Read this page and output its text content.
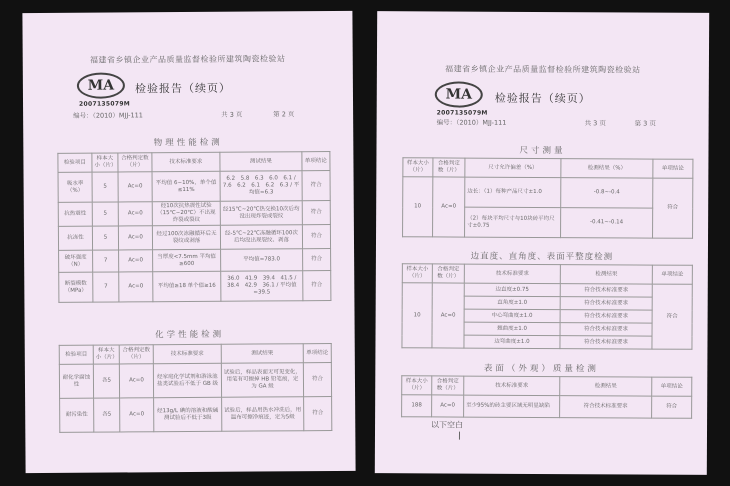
福建省乡镇企业产品质量监督检验所建筑陶瓷检验站
MA
2007135079M
检验报告（续页）
编号：（2010）MJJ-111	共 3 页	第 2 页
物理性能检测
检验项目	样本大小（片）	合格判定数（片）	技术标准要求	测试结果	单项结论
吸水率（%）	5	Ac=0	平均值 6~10%，单个值≤11%	6.2　5.8　6.3　6.0　6.1 / 7.6　6.2　6.1　6.2　6.3 / 平均值=6.3	符合
抗热震性	5	Ac=0	经10次抗热震性试验（15℃~20℃）不出现炸裂或裂纹	经15℃~20℃热交换10次后均没出现炸裂或裂纹	符合
抗冻性	5	Ac=0	经过100次冻融循环后无裂纹或剥落	经-5℃~22℃冻融循环100次后均没出现裂纹、剥落	符合
破坏强度（N）	7	Ac=0	当厚度<7.5mm 平均值≥600	平均值=783.0	符合
断裂模数（MPa）	7	Ac=0	平均值≥18 单个值≥16	36.0　41.9　39.4　41.5 / 38.4　42.9　36.1 / 平均值=39.5	符合
化学性能检测
检验项目	样本大小（片）	合格判定数（片）	技术标准要求	测试结果	单项结论
耐化学腐蚀性	各5	Ac=0	经家庭化学试剂和游泳池盐类试验后不低于 GB 级	试验后，样品表面无可见变化，用笔有可擦掉 HB 铅笔痕，定为 GA 级	符合
耐污染性	各5	Ac=0	经13g/L 碘的溶液和酸碱测试验后不低于3级	试验后，样品用热水冲洗后，用温布可擦净痕迹，定为5级	符合
福建省乡镇企业产品质量监督检验所建筑陶瓷检验站
MA
2007135079M
检验报告（续页）
编号：（2010）MJJ-111	共 3 页	第 3 页
尺寸测量
样本大小（片）	合格判定数（片）	尺寸允许偏差（%）	检测结果（%）	单项结论
10	Ac=0	边长：（1）每种产品尺寸±1.0	-0.8~-0.4	符合
		（2）每块平均尺寸与10块砖平均尺寸±0.75	-0.41~-0.14	
边直度、直角度、表面平整度检测
样本大小（片）	合格判定数（片）	技术标准要求	检测结果	单项结论
10	Ac=0	边直度±0.75	符合技术标准要求	符合
		直角度±1.0	符合技术标准要求	
		中心弯曲度±1.0	符合技术标准要求	
		翘曲度±1.0	符合技术标准要求	
		边弯曲度±1.0	符合技术标准要求	
表面（外观）质量检测
样本大小（片）	合格判定数（片）	技术标准要求	检测结果	单项结论
188	Ac=0	至少95%的砖主要区域无明显缺陷	符合技术标准要求	符合
以下空白
